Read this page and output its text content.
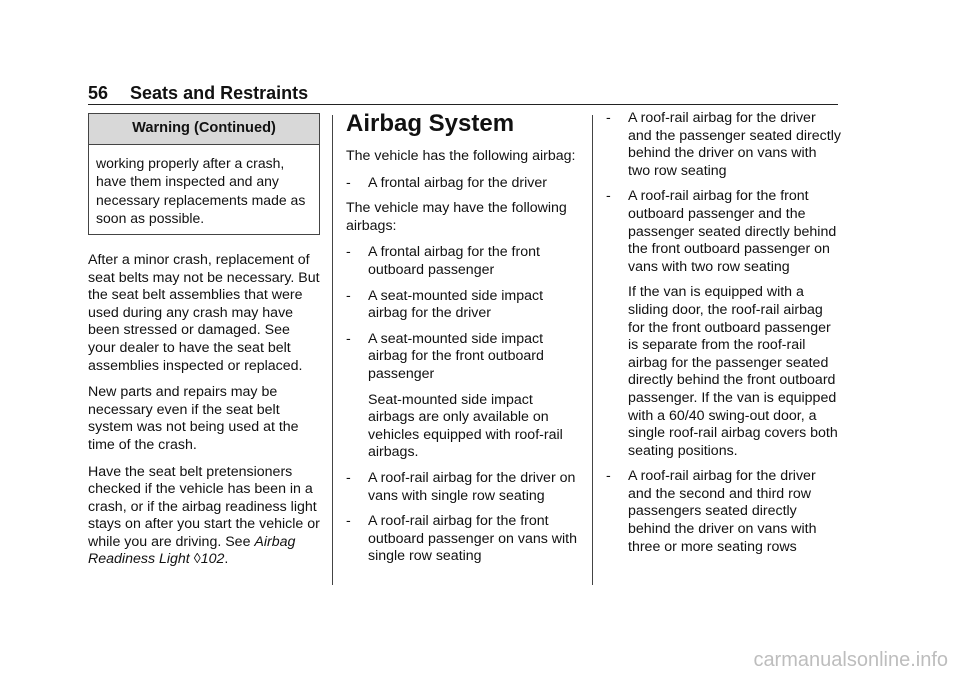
56 Seats and Restraints
Warning (Continued)
working properly after a crash, have them inspected and any necessary replacements made as soon as possible.

After a minor crash, replacement of seat belts may not be necessary. But the seat belt assemblies that were used during any crash may have been stressed or damaged. See your dealer to have the seat belt assemblies inspected or replaced.

New parts and repairs may be necessary even if the seat belt system was not being used at the time of the crash.

Have the seat belt pretensioners checked if the vehicle has been in a crash, or if the airbag readiness light stays on after you start the vehicle or while you are driving. See Airbag Readiness Light ◊102.

Airbag System

The vehicle has the following airbag:

‐	A frontal airbag for the driver

The vehicle may have the following airbags:

‐	A frontal airbag for the front outboard passenger
‐	A seat-mounted side impact airbag for the driver
‐	A seat-mounted side impact airbag for the front outboard passenger
Seat-mounted side impact airbags are only available on vehicles equipped with roof-rail airbags.
‐	A roof-rail airbag for the driver on vans with single row seating
‐	A roof-rail airbag for the front outboard passenger on vans with single row seating
‐	A roof-rail airbag for the driver and the passenger seated directly behind the driver on vans with two row seating
‐	A roof-rail airbag for the front outboard passenger and the passenger seated directly behind the front outboard passenger on vans with two row seating
If the van is equipped with a sliding door, the roof-rail airbag for the front outboard passenger is separate from the roof-rail airbag for the passenger seated directly behind the front outboard passenger. If the van is equipped with a 60/40 swing-out door, a single roof-rail airbag covers both seating positions.
‐	A roof-rail airbag for the driver and the second and third row passengers seated directly behind the driver on vans with three or more seating rows
carmanualsonline.info
